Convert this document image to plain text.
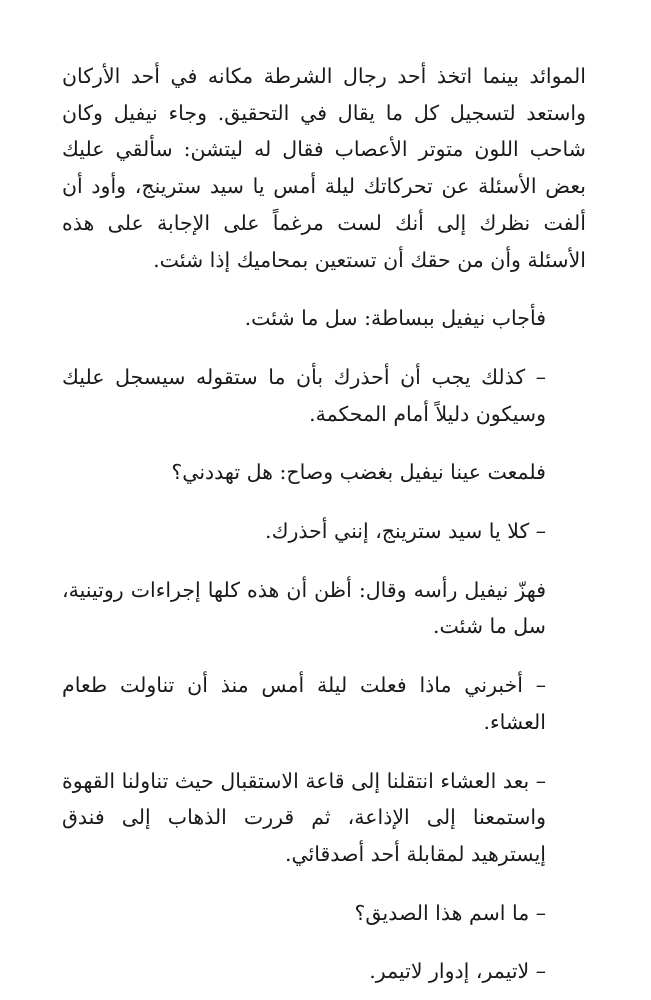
الموائد بينما اتخذ أحد رجال الشرطة مكانه في أحد الأركان واستعد لتسجيل كل ما يقال في التحقيق. وجاء نيفيل وكان شاحب اللون متوتر الأعصاب فقال له ليتشن: سألقي عليك بعض الأسئلة عن تحركاتك ليلة أمس يا سيد سترينج، وأود أن ألفت نظرك إلى أنك لست مرغماً على الإجابة على هذه الأسئلة وأن من حقك أن تستعين بمحاميك إذا شئت.

فأجاب نيفيل ببساطة: سل ما شئت.

– كذلك يجب أن أحذرك بأن ما ستقوله سيسجل عليك وسيكون دليلاً أمام المحكمة.

فلمعت عينا نيفيل بغضب وصاح: هل تهددني؟

– كلا يا سيد سترينج، إنني أحذرك.

فهزّ نيفيل رأسه وقال: أظن أن هذه كلها إجراءات روتينية، سل ما شئت.

– أخبرني ماذا فعلت ليلة أمس منذ أن تناولت طعام العشاء.

– بعد العشاء انتقلنا إلى قاعة الاستقبال حيث تناولنا القهوة واستمعنا إلى الإذاعة، ثم قررت الذهاب إلى فندق إيسترهيد لمقابلة أحد أصدقائي.

– ما اسم هذا الصديق؟

– لاتيمر، إدوار لاتيمر.
